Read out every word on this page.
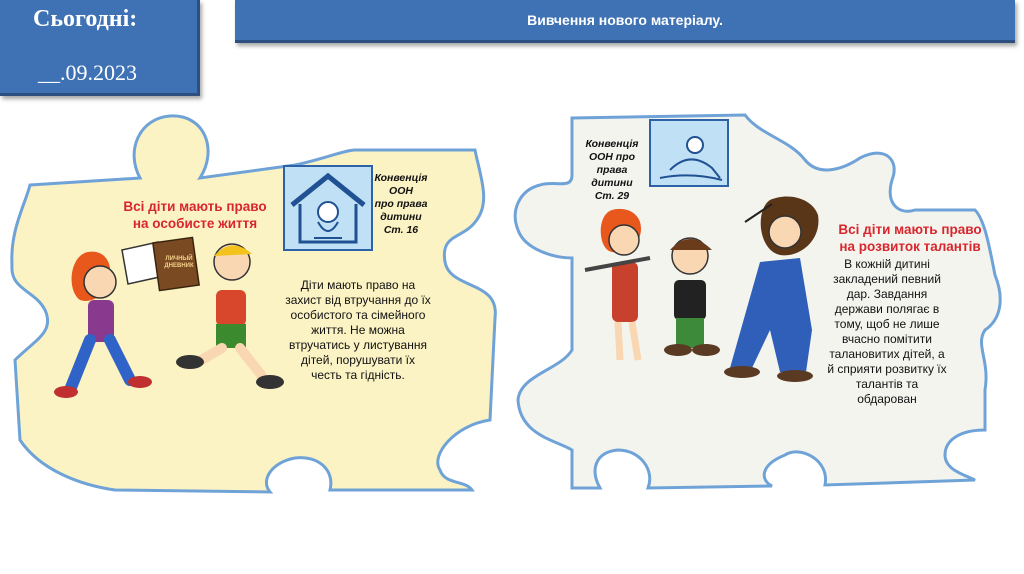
Сьогодні:
__.09.2023
Вивчення нового матеріалу.
Всі діти мають право
на особисте життя
Конвенція
ООН
про права
дитини
Ст. 16
Діти мають право на
захист від втручання до їх
особистого та сімейного
життя. Не можна
втручатись у листування
дітей, порушувати їх
честь та гідність.
ЛИЧНЫЙ ДНЕВНИК
Конвенція
ООН про
права
дитини
Ст. 29
Всі діти мають право
на розвиток талантів
В кожній дитині
закладений певний
дар. Завдання
держави полягає в
тому, щоб не лише
вчасно помітити
талановитих дітей, а
й сприяти розвитку їх
талантів та
обдарован
